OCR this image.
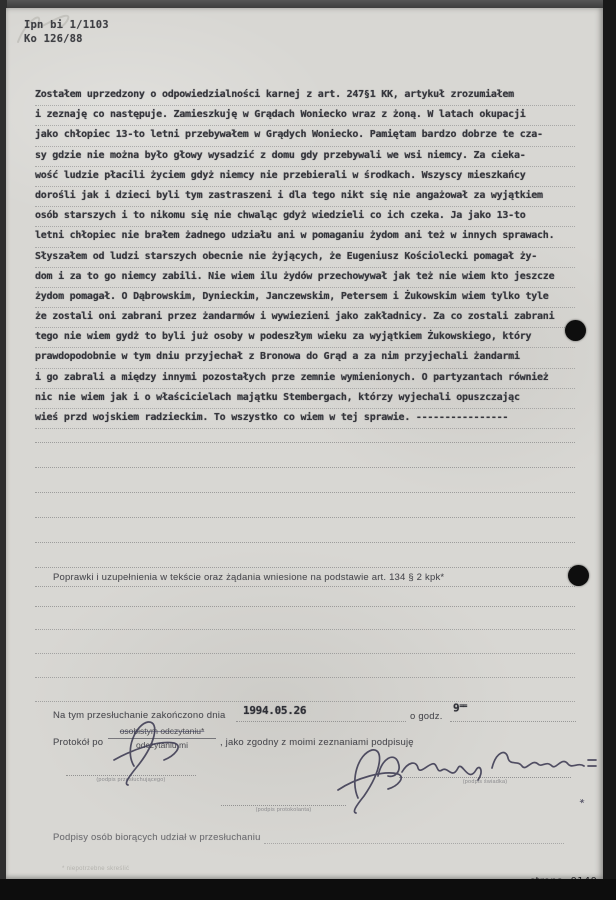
Ipn bi 1/1103
Ko 126/88
Zostałem uprzedzony o odpowiedzialności karnej z art. 247§1 KK, artykuł zrozumiałem
i zeznaję co następuje. Zamieszkuję w Grądach Woniecko wraz z żoną. W latach okupacji
jako chłopiec 13-to letni przebywałem w Grądych Woniecko. Pamiętam bardzo dobrze te cza-
sy gdzie nie można było głowy wysadzić z domu gdy przebywali we wsi niemcy. Za cieka-
wość ludzie płacili życiem gdyż niemcy nie przebierali w środkach. Wszyscy mieszkańcy
dorośli jak i dzieci byli tym zastraszeni i dla tego nikt się nie angażował za wyjątkiem
osób starszych i to nikomu się nie chwaląc gdyż wiedzieli co ich czeka. Ja jako 13-to
letni chłopiec nie brałem żadnego udziału ani w pomaganiu żydom ani też w innych sprawach.
Słyszałem od ludzi starszych obecnie nie żyjących, że Eugeniusz Kościolecki pomagał ży-
dom i za to go niemcy zabili. Nie wiem ilu żydów przechowywał jak też nie wiem kto jeszcze
żydom pomagał. O Dąbrowskim, Dynieckim, Janczewskim, Petersem i Żukowskim wiem tylko tyle
że zostali oni zabrani przez żandarmów i wywiezieni jako zakładnicy. Za co zostali zabrani
tego nie wiem gydż to byli już osoby w podeszłym wieku za wyjątkiem Żukowskiego, który
prawdopodobnie w tym dniu przyjechał z Bronowa do Grąd a za nim przyjechali żandarmi
i go zabrali a między innymi pozostałych prze zemnie wymienionych. O partyzantach również
nic nie wiem jak i o właścicielach majątku Stembergach, którzy wyjechali opuszczając
wieś przd wojskiem radzieckim. To wszystko co wiem w tej sprawie. ----------------
Poprawki i uzupełnienia w tekście oraz żądania wniesione na podstawie art. 134 § 2 kpk*
Na tym przesłuchanie zakończono dnia 1994.05.26	o godz.
9==
Protokół po
osobistym odczytaniu*
odczytaniu mi	, jako zgodny z moimi zeznaniami podpisuję
(podpis przesłuchującego)
(podpis protokolanta)
(podpis świadka)
Podpisy osób biorących udział w przesłuchaniu
* niepotrzebne skreślić
*
